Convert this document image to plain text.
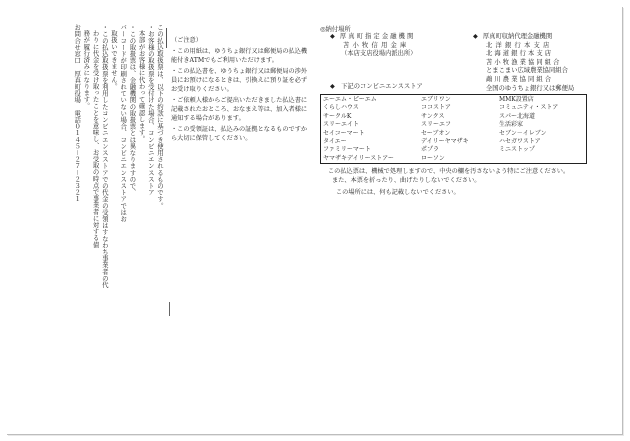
この払込取扱票は、以下の約款に基づき使用されるものです。
・お客様の取扱票を受付けた場合、コンビニエンスストア
本部がお客様に代わって確認します。
・この取扱票は、金融機関の取扱票とは異なりますので、
バーコードが印刷されていない場合、コンビニエンスストアではお
取扱いできません。
・この払込取扱票を利用したコンビニエンスストアでの代金の受領はすなわち事業者の代
わりに代金を受け取ったことを意味し、お受取の時点で事業者に対する債
務が履行済みになります。
お問合せ窓口　厚真町役場　電話０１４５－２７－２３２１	（ご注意）

・この用紙は、ゆうちょ銀行又は郵便局の払込機能付きATMでもご利用いただけます。

・この払込書を、ゆうちょ銀行又は郵便局の渉外員にお預けになるときは、引換えに預り証を必ずお受け取りください。

・ご依頼人様からご提出いただきました払込書に記載されたおところ、おなまえ等は、加入者様に通知する場合があります。

・この受領証は、払込みの証拠となるものですから大切に保管してください。

◎納付場所
◆ 厚真町指定金融機関
苫小牧信用金庫
（本店支店役場内派出所）
◆ 厚真町収納代理金融機関
北洋銀行本支店
北海道銀行本支店
苫小牧漁業協同組合
とまこまい広域農業協同組合
鵡川農業協同組合
全国のゆうちょ銀行又は郵便局
◆　下記のコンビニエンスストア
エーエム・ピーエム
くらしハウス
サークルK
スリーエイト
セイコーマート
タイエー
ファミリーマート
ヤマザキデイリーストアー
エブリワン
ココストア
サンクス
スリーエフ
セーブオン
デイリーヤマザキ
ポプラ
ローソン
MMK設置店
コミュニティ・ストア
スパー北海道
生活彩家
セブン－イレブン
ハセガワストア
ミニストップ
この払込票は、機械で処理しますので、中央の欄を汚さないよう特にご注意ください。
また、本票を折ったり、曲げたりしないでください。
この場所には、何も記載しないでください。
